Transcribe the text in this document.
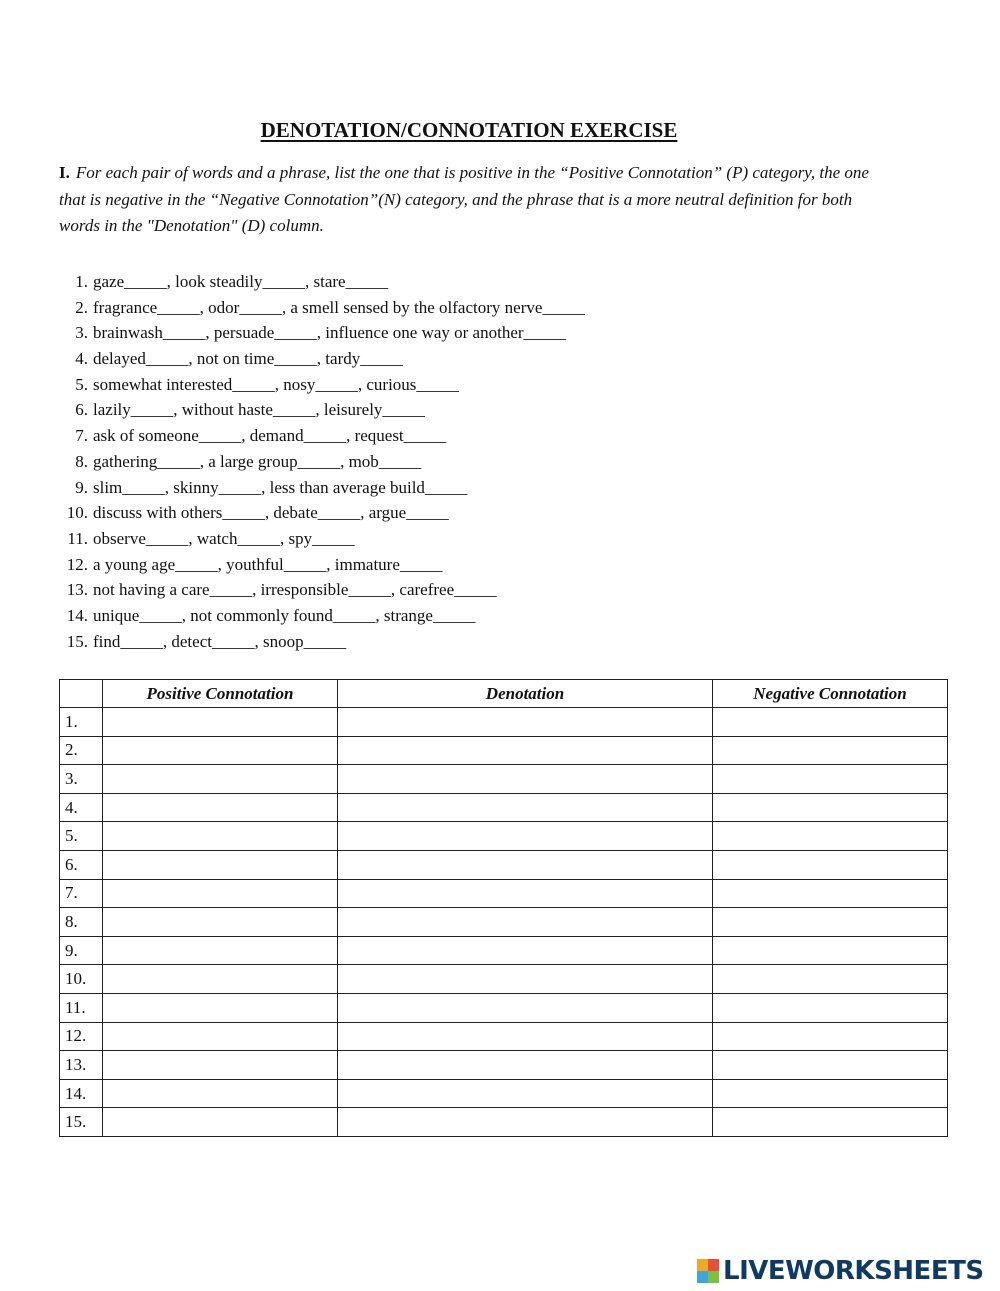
DENOTATION/CONNOTATION EXERCISE
I. For each pair of words and a phrase, list the one that is positive in the “Positive Connotation” (P) category, the one that is negative in the “Negative Connotation”(N) category, and the phrase that is a more neutral definition for both words in the "Denotation" (D) column.
1. gaze_____, look steadily_____, stare_____
2. fragrance_____, odor_____, a smell sensed by the olfactory nerve_____
3. brainwash_____, persuade_____, influence one way or another_____
4. delayed_____, not on time_____, tardy_____
5. somewhat interested_____, nosy_____, curious_____
6. lazily_____, without haste_____, leisurely_____
7. ask of someone_____, demand_____, request_____
8. gathering_____, a large group_____, mob_____
9. slim_____, skinny_____, less than average build_____
10. discuss with others_____, debate_____, argue_____
11. observe_____, watch_____, spy_____
12. a young age_____, youthful_____, immature_____
13. not having a care_____, irresponsible_____, carefree_____
14. unique_____, not commonly found_____, strange_____
15. find_____, detect_____, snoop_____
	Positive Connotation	Denotation	Negative Connotation
1.			
2.			
3.			
4.			
5.			
6.			
7.			
8.			
9.			
10.			
11.			
12.			
13.			
14.			
15.			
LIVEWORKSHEETS
